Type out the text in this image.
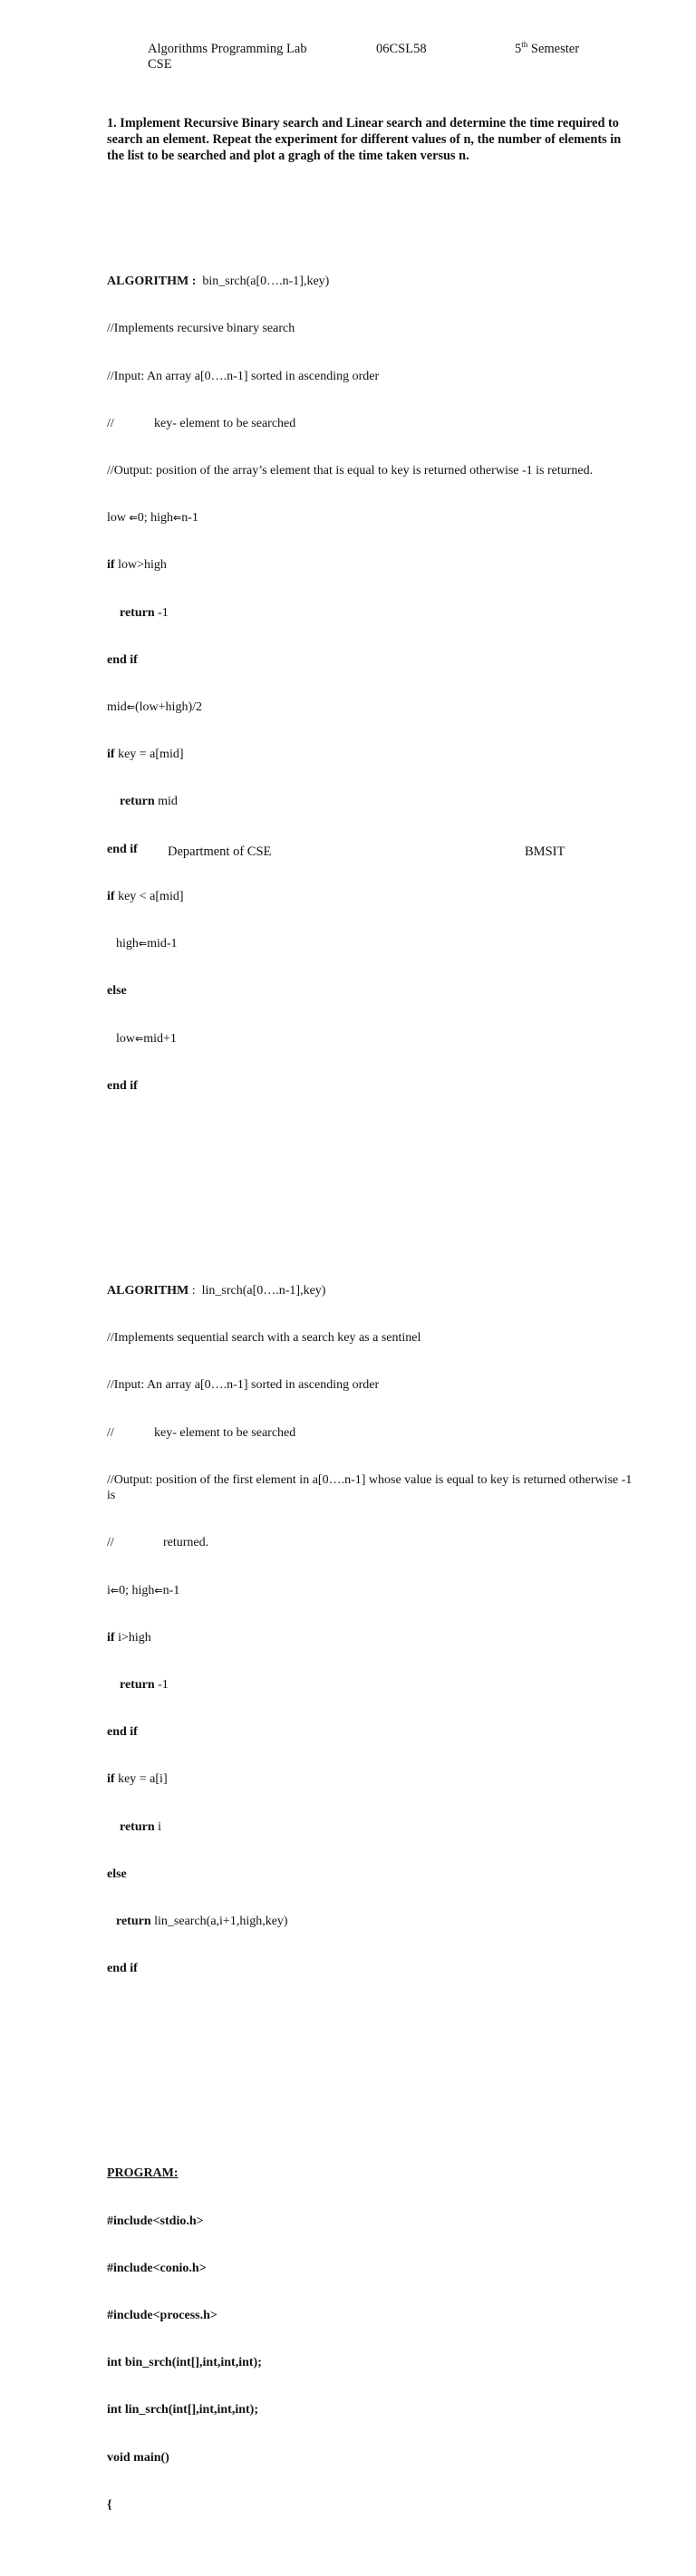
Algorithms Programming Lab	06CSL58	5th Semester
CSE

1. Implement Recursive Binary search and Linear search and determine the time required to search an element. Repeat the experiment for different values of n, the number of elements in the list to be searched and plot a gragh of the time taken versus n.

ALGORITHM :  bin_srch(a[0….n-1],key)

//Implements recursive binary search

//Input: An array a[0….n-1] sorted in ascending order

//	key- element to be searched

//Output: position of the array’s element that is equal to key is returned otherwise -1 is returned.

low ⇐0; high⇐n-1

if low>high

return -1

end if

mid⇐(low+high)/2

if key = a[mid]

return mid

end if

if key < a[mid]

high⇐mid-1

else

low⇐mid+1

end if

ALGORITHM :  lin_srch(a[0….n-1],key)

//Implements sequential search with a search key as a sentinel

//Input: An array a[0….n-1] sorted in ascending order

//	key- element to be searched

//Output: position of the first element in a[0….n-1] whose value is equal to key is returned otherwise -1 is

//	returned.

i⇐0; high⇐n-1

if i>high

return -1

end if

if key = a[i]

return i

else

return lin_search(a,i+1,high,key)

end if

PROGRAM:

#include<stdio.h>

#include<conio.h>

#include<process.h>

int bin_srch(int[],int,int,int);

int lin_srch(int[],int,int,int);

void main()

{

Department of CSE	BMSIT
